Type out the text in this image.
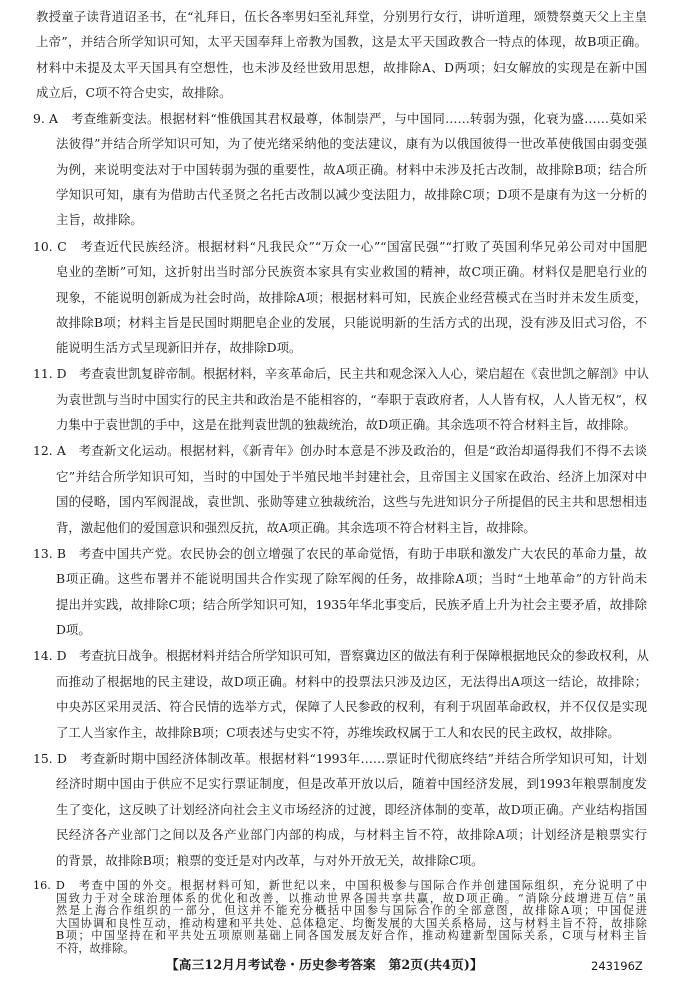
教授童子读背逍诏圣书，在“礼拜日，伍长各率男妇至礼拜堂，分别男行女行，讲听道理，颂赞祭奠天父上主皇
上帝”，并结合所学知识可知，太平天国奉拜上帝教为国教，这是太平天国政教合一特点的体现，故B项正确。
材料中未提及太平天国具有空想性，也未涉及经世致用思想，故排除A、D两项；妇女解放的实现是在新中国
成立后，C项不符合史实，故排除。
9. A　考查维新变法。根据材料“惟俄国其君权最尊，体制崇严，与中国同……转弱为强，化衰为盛……莫如采
法彼得”并结合所学知识可知，为了使光绪采纳他的变法建议，康有为以俄国彼得一世改革使俄国由弱变强
为例，来说明变法对于中国转弱为强的重要性，故A项正确。材料中未涉及托古改制，故排除B项；结合所
学知识可知，康有为借助古代圣贤之名托古改制以减少变法阻力，故排除C项；D项不是康有为这一分析的
主旨，故排除。
10. C　考查近代民族经济。根据材料“凡我民众”“万众一心”“国富民强”“打败了英国利华兄弟公司对中国肥
皂业的垄断”可知，这折射出当时部分民族资本家具有实业救国的精神，故C项正确。材料仅是肥皂行业的
现象，不能说明创新成为社会时尚，故排除A项；根据材料可知，民族企业经营模式在当时并未发生质变，
故排除B项；材料主旨是民国时期肥皂企业的发展，只能说明新的生活方式的出现，没有涉及旧式习俗，不
能说明生活方式呈现新旧并存，故排除D项。
11. D　考查袁世凯复辟帝制。根据材料，辛亥革命后，民主共和观念深入人心，梁启超在《袁世凯之解剖》中认
为袁世凯与当时中国实行的民主共和政治是不能相容的，“奉职于袁政府者，人人皆有权，人人皆无权”，权
力集中于袁世凯的手中，这是在批判袁世凯的独裁统治，故D项正确。其余选项不符合材料主旨，故排除。
12. A　考查新文化运动。根据材料，《新青年》创办时本意是不涉及政治的，但是“政治却逼得我们不得不去谈
它”并结合所学知识可知，当时的中国处于半殖民地半封建社会，且帝国主义国家在政治、经济上加深对中
国的侵略，国内军阀混战，袁世凯、张勋等建立独裁统治，这些与先进知识分子所提倡的民主共和思想相违
背，激起他们的爱国意识和强烈反抗，故A项正确。其余选项不符合材料主旨，故排除。
13. B　考查中国共产党。农民协会的创立增强了农民的革命觉悟，有助于串联和激发广大农民的革命力量，故
B项正确。这些布署并不能说明国共合作实现了除军阀的任务，故排除A项；当时“土地革命”的方针尚未
提出并实践，故排除C项；结合所学知识可知，1935年华北事变后，民族矛盾上升为社会主要矛盾，故排除
D项。
14. D　考查抗日战争。根据材料并结合所学知识可知，晋察冀边区的做法有利于保障根据地民众的参政权利，从
而推动了根据地的民主建设，故D项正确。材料中的投票法只涉及边区，无法得出A项这一结论，故排除；
中央苏区采用灵活、符合民情的选举方式，保障了人民参政的权利，有利于巩固革命政权，并不仅仅是实现
了工人当家作主，故排除B项；C项表述与史实不符，苏维埃政权属于工人和农民的民主政权，故排除。
15. D　考查新时期中国经济体制改革。根据材料“1993年……票证时代彻底终结”并结合所学知识可知，计划
经济时期中国由于供应不足实行票证制度，但是改革开放以后，随着中国经济发展，到1993年粮票制度发
生了变化，这反映了计划经济向社会主义市场经济的过渡，即经济体制的变革，故D项正确。产业结构指国
民经济各产业部门之间以及各产业部门内部的构成，与材料主旨不符，故排除A项；计划经济是粮票实行
的背景，故排除B项；粮票的变迁是对内改革，与对外开放无关，故排除C项。
16. D　考查中国的外交。根据材料可知，新世纪以来，中国积极参与国际合作并创建国际组织，充分说明了中
国致力于对全球治理体系的优化和改善，以推动世界各国共享共赢，故D项正确。“消除分歧增进互信”虽
然是上海合作组织的一部分，但这并不能充分概括中国参与国际合作的全部意图，故排除A项；中国促进
大国协调和良性互动，推动构建和平共处、总体稳定、均衡发展的大国关系格局，这与材料主旨不符，故排除
B项；中国坚持在和平共处五项原则基础上同各国发展友好合作，推动构建新型国际关系，C项与材料主旨
不符，故排除。
【高三12月月考试卷・历史参考答案　第2页(共4页)】	243196Z
